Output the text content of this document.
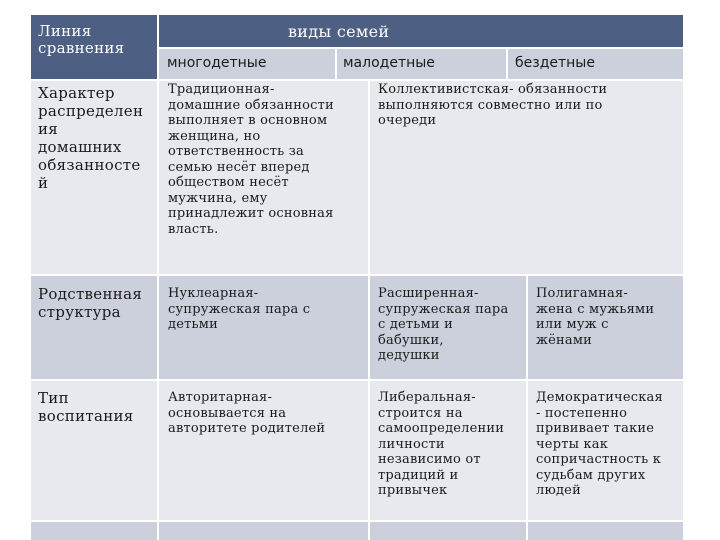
Линия
сравнения
виды семей
многодетные	малодетные	бездетные
Характер
распределен
ия
домашних
обязанносте
й
Традиционная-
домашние обязанности
выполняет в основном
женщина, но
ответственность за
семью несёт вперед
обществом несёт
мужчина, ему
принадлежит основная
власть.
Коллективистская- обязанности
выполняются совместно или по
очереди
Родственная
структура
Нуклеарная-
супружеская пара с
детьми
Расширенная-
супружеская пара
с детьми и
бабушки,
дедушки
Полигамная-
жена с мужьями
или муж с
жёнами
Тип
воспитания
Авторитарная-
основывается на
авторитете родителей
Либеральная-
строится на
самоопределении
личности
независимо от
традиций и
привычек
Демократическая
- постепенно
прививает такие
черты как
сопричастность к
судьбам других
людей
